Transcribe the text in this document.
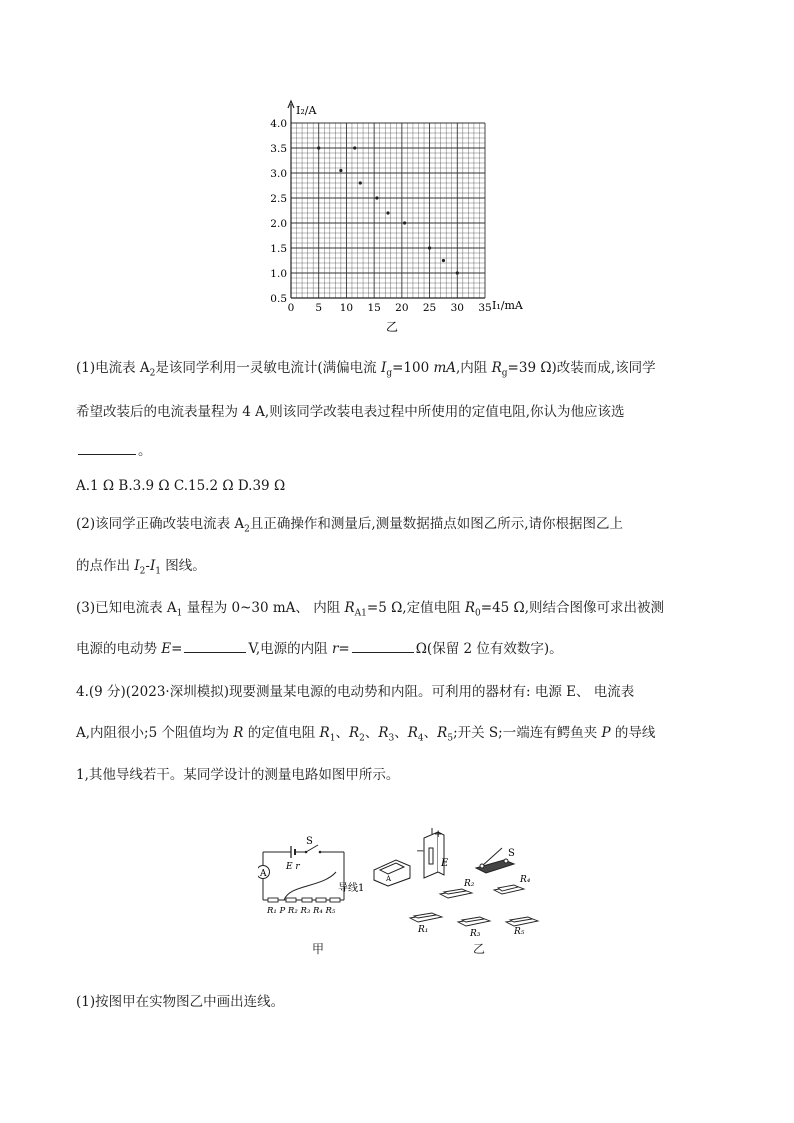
0 5 10 15 20 25 30 35
4.0
3.5
3.0
2.5
2.0
1.5
1.0
0.5
I₂/A
I₁/mA
乙
(1)电流表 $A_2$是该同学利用一灵敏电流计(满偏电流 $I_g=100$ mA,内阻 $R_g=39$ Ω)改装而成,该同学
希望改装后的电流表量程为 4 A,则该同学改装电表过程中所使用的定值电阻,你认为他应该选
。
A.1 Ω B.3.9 Ω C.15.2 Ω D.39 Ω
(2)该同学正确改装电流表 $A_2$且正确操作和测量后,测量数据描点如图乙所示,请你根据图乙上
的点作出 $I_2-I_1$ 图线。
(3)已知电流表 $A_1$ 量程为 0~30 mA、 内阻 $R_{A1}=5$ Ω,定值电阻 $R_0=45$ Ω,则结合图像可求出被测
电源的电动势 E=	V,电源的内阻 r=	Ω(保留 2 位有效数字)。
4.(9 分)(2023·深圳模拟)现要测量某电源的电动势和内阻。可利用的器材有: 电源 E、 电流表
A,内阻很小;5 个阻值均为 R 的定值电阻 $R_1$、$R_2$、$R_3$、$R_4$、$R_5$;开关 S;一端连有鳄鱼夹 P 的导线
1,其他导线若干。某同学设计的测量电路如图甲所示。
A
S
E r
导线1
R₁ P R₂ R₃ R₄ R₅
甲
+
−
E
A
S
R₂	R₄
R₁	R₃	R₅
乙
(1)按图甲在实物图乙中画出连线。
